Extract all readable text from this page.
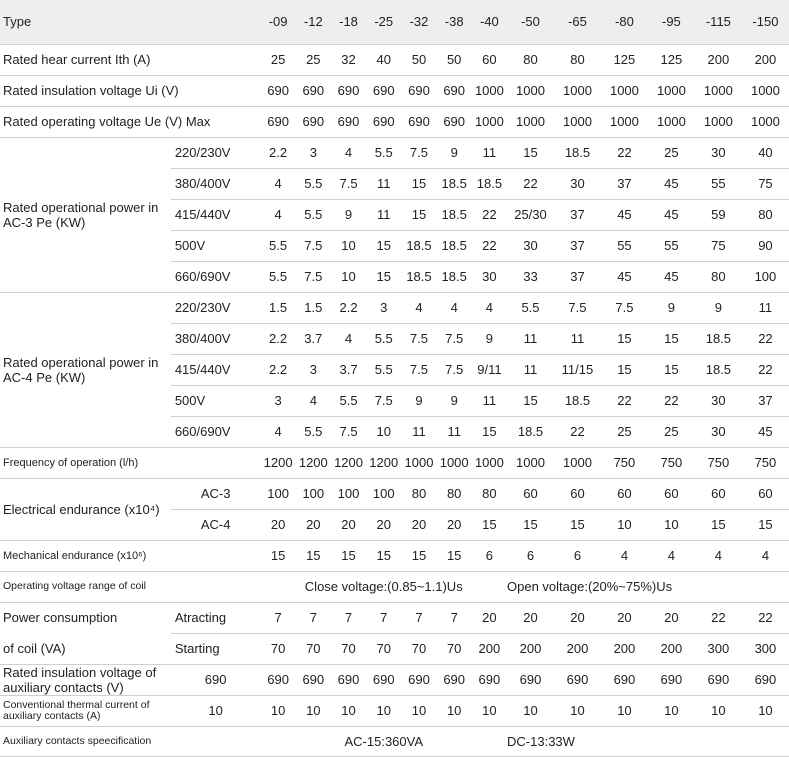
Type		-09	-12	-18	-25	-32	-38	-40	-50	-65	-80	-95	-115	-150
Rated hear current Ith (A)		25	25	32	40	50	50	60	80	80	125	125	200	200
Rated insulation voltage Ui (V)		690	690	690	690	690	690	1000	1000	1000	1000	1000	1000	1000
Rated operating voltage Ue (V) Max		690	690	690	690	690	690	1000	1000	1000	1000	1000	1000	1000
Rated operational power in AC-3 Pe (KW)	220/230V	2.2	3	4	5.5	7.5	9	11	15	18.5	22	25	30	40
	380/400V	4	5.5	7.5	11	15	18.5	18.5	22	30	37	45	55	75
	415/440V	4	5.5	9	11	15	18.5	22	25/30	37	45	45	59	80
	500V	5.5	7.5	10	15	18.5	18.5	22	30	37	55	55	75	90
	660/690V	5.5	7.5	10	15	18.5	18.5	30	33	37	45	45	80	100
Rated operational power in AC-4 Pe (KW)	220/230V	1.5	1.5	2.2	3	4	4	4	5.5	7.5	7.5	9	9	11
	380/400V	2.2	3.7	4	5.5	7.5	7.5	9	11	11	15	15	18.5	22
	415/440V	2.2	3	3.7	5.5	7.5	7.5	9/11	11	11/15	15	15	18.5	22
	500V	3	4	5.5	7.5	9	9	11	15	18.5	22	22	30	37
	660/690V	4	5.5	7.5	10	11	11	15	18.5	22	25	25	30	45
Frequency of operation (l/h)		1200	1200	1200	1200	1000	1000	1000	1000	1000	750	750	750	750
Electrical endurance (x10⁴)	AC-3	100	100	100	100	80	80	80	60	60	60	60	60	60
	AC-4	20	20	20	20	20	20	15	15	15	10	10	15	15
Mechanical endurance (x10⁶)		15	15	15	15	15	15	6	6	6	4	4	4	4
Operating voltage range of coil		Close voltage:(0.85~1.1)Us							Open voltage:(20%~75%)Us					
Power consumption	Atracting	7	7	7	7	7	7	20	20	20	20	20	22	22
of coil (VA)	Starting	70	70	70	70	70	70	200	200	200	200	200	300	300
Rated insulation voltage of auxiliary contacts (V)	690	690	690	690	690	690	690	690	690	690	690	690	690	690
Conventional thermal current of auxiliary contacts (A)	10	10	10	10	10	10	10	10	10	10	10	10	10	10
Auxiliary contacts speecification		AC-15:360VA							DC-13:33W					
